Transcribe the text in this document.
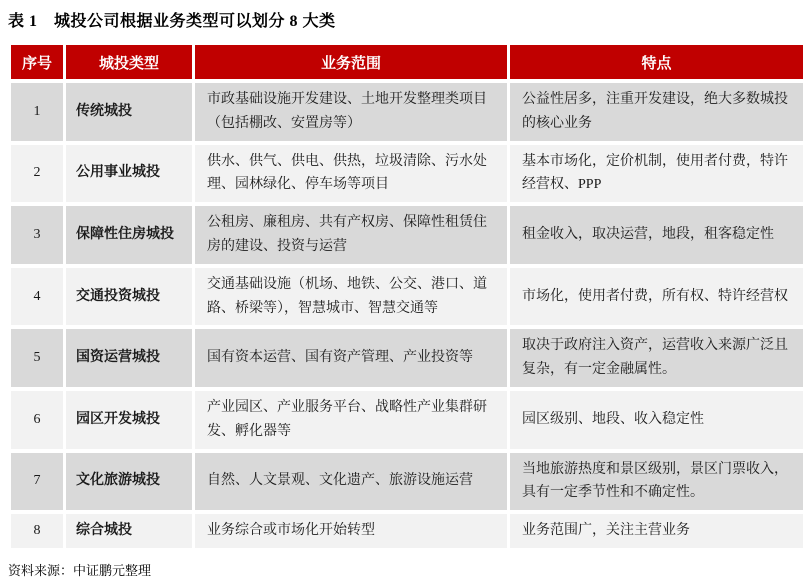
表 1　城投公司根据业务类型可以划分 8 大类
序号	城投类型	业务范围	特点
1	传统城投	市政基础设施开发建设、土地开发整理类项目（包括棚改、安置房等）	公益性居多，注重开发建设，绝大多数城投的核心业务
2	公用事业城投	供水、供气、供电、供热，垃圾清除、污水处理、园林绿化、停车场等项目	基本市场化，定价机制，使用者付费，特许经营权、PPP
3	保障性住房城投	公租房、廉租房、共有产权房、保障性租赁住房的建设、投资与运营	租金收入，取决运营，地段，租客稳定性
4	交通投资城投	交通基础设施（机场、地铁、公交、港口、道路、桥梁等），智慧城市、智慧交通等	市场化，使用者付费，所有权、特许经营权
5	国资运营城投	国有资本运营、国有资产管理、产业投资等	取决于政府注入资产，运营收入来源广泛且复杂，有一定金融属性。
6	园区开发城投	产业园区、产业服务平台、战略性产业集群研发、孵化器等	园区级别、地段、收入稳定性
7	文化旅游城投	自然、人文景观、文化遗产、旅游设施运营	当地旅游热度和景区级别，景区门票收入，具有一定季节性和不确定性。
8	综合城投	业务综合或市场化开始转型	业务范围广，关注主营业务
资料来源：中证鹏元整理
